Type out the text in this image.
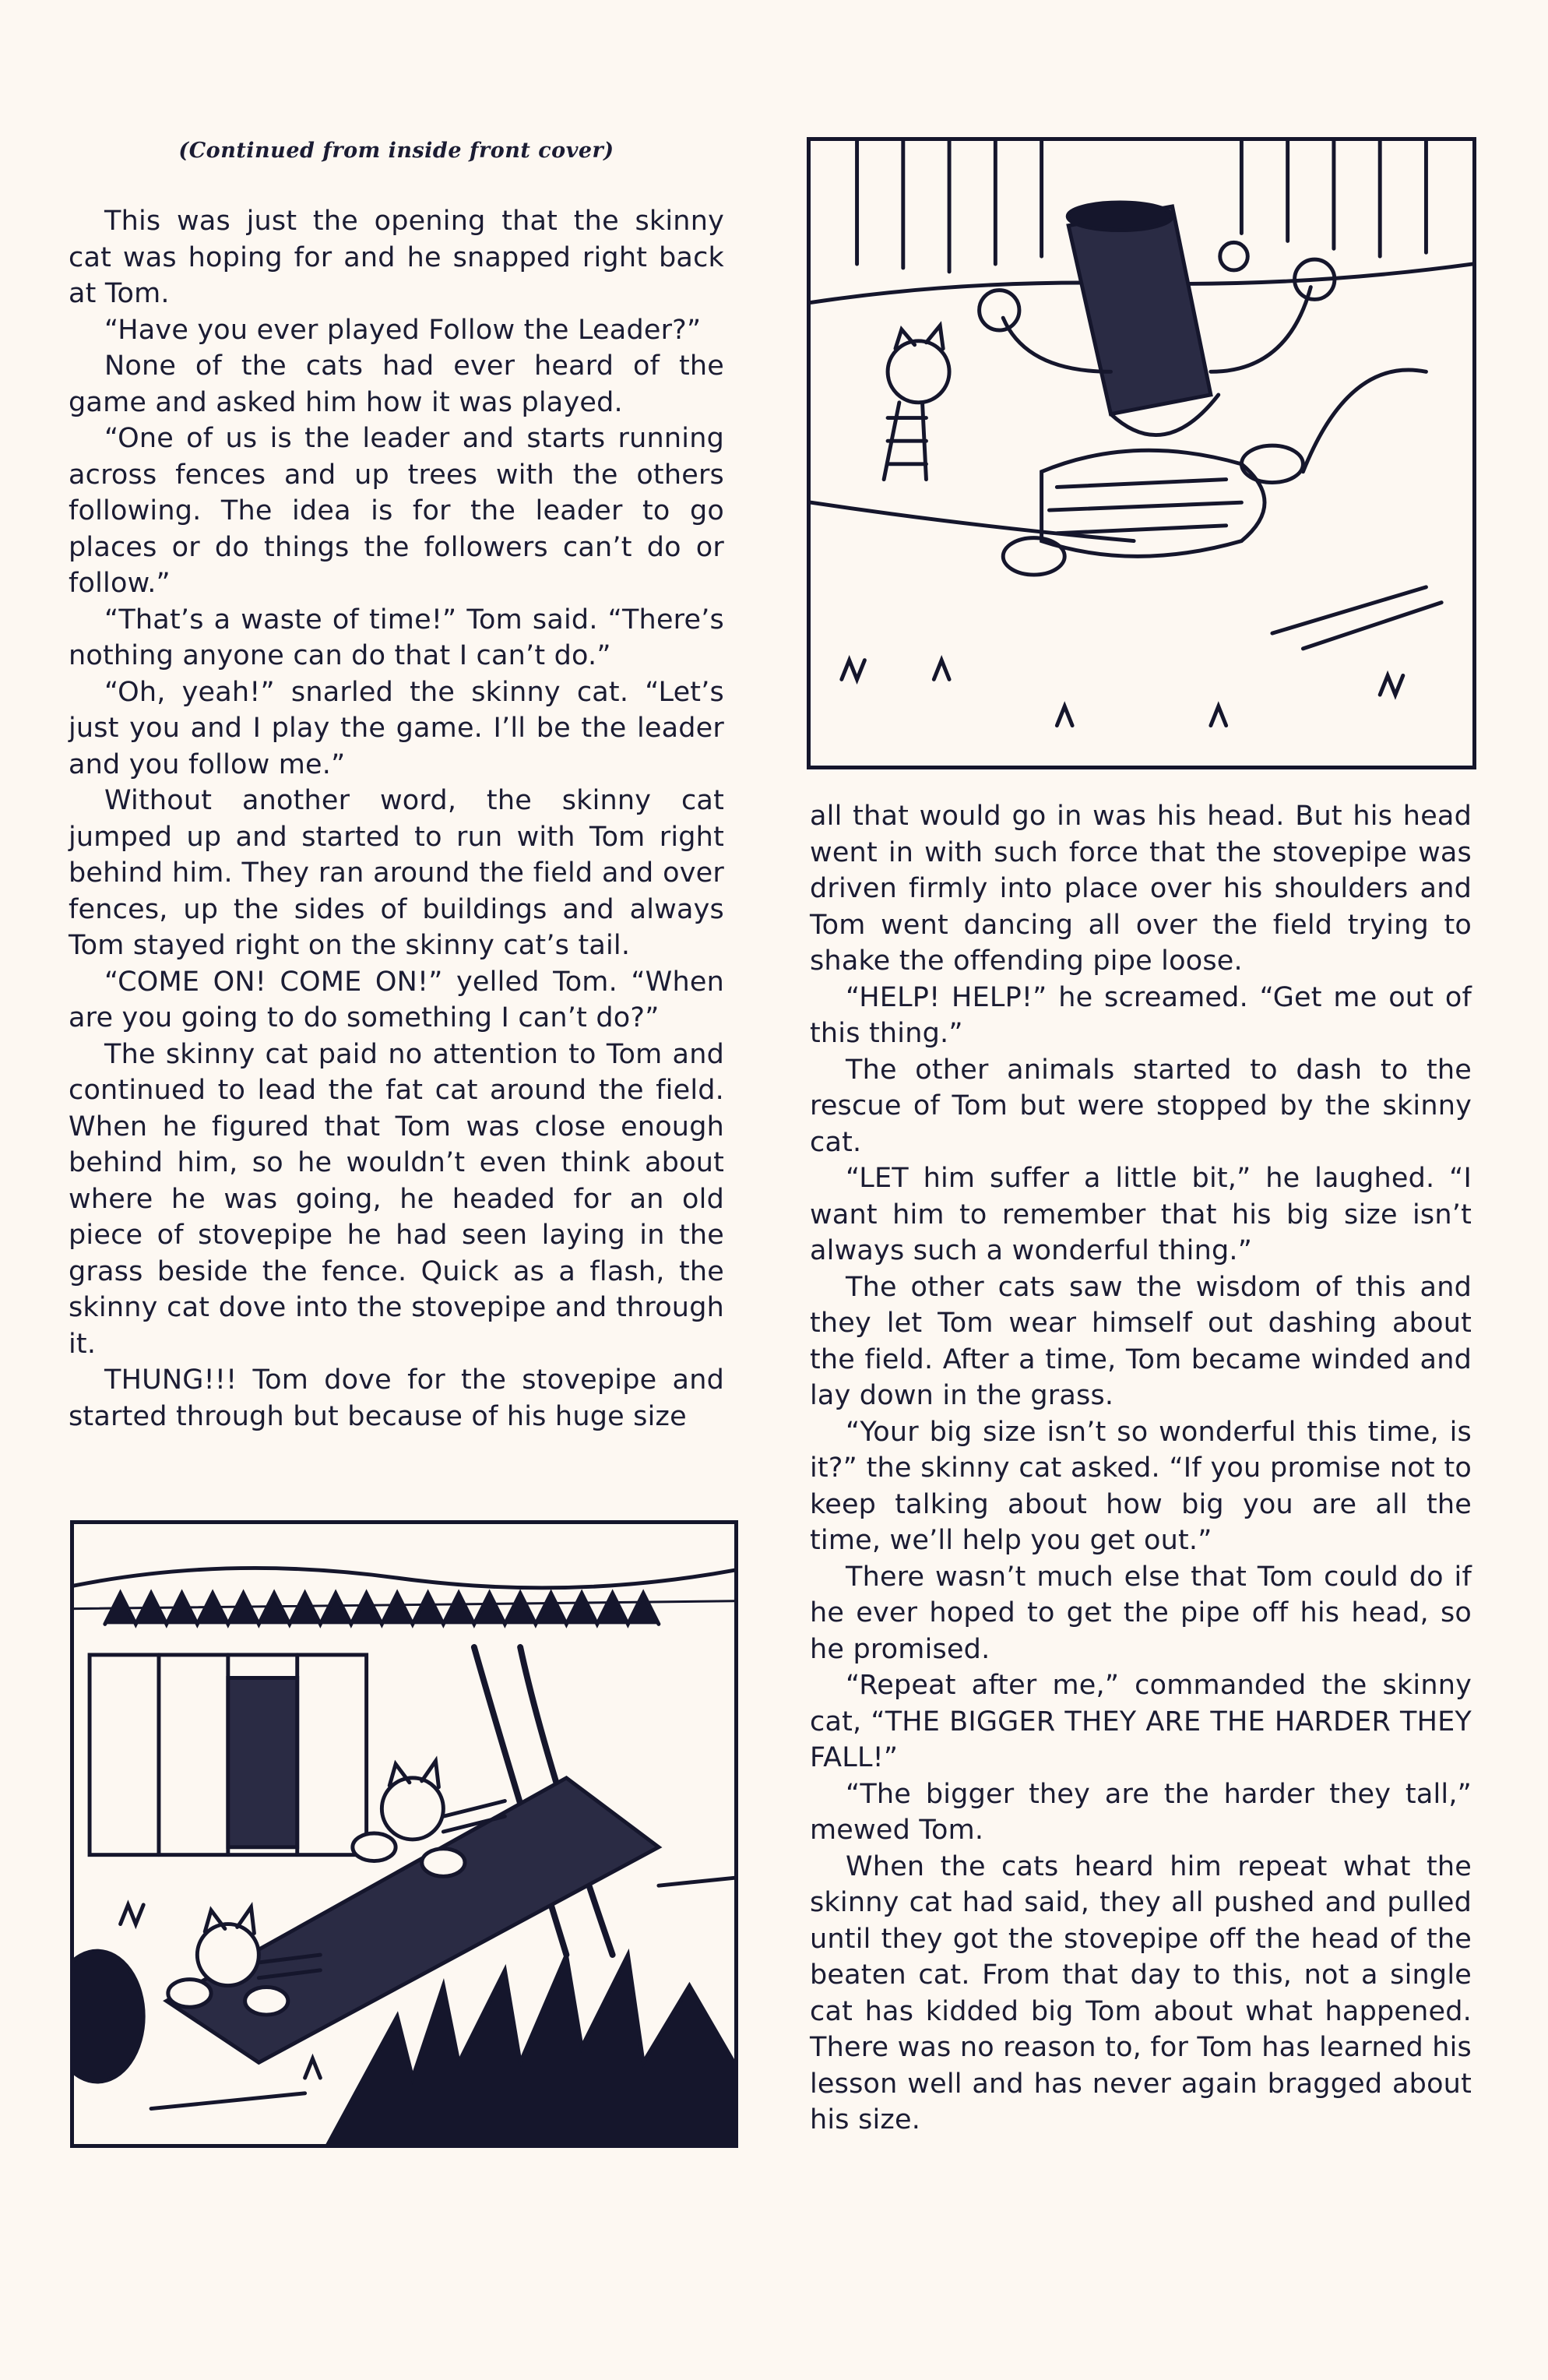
(Continued from inside front cover)

This was just the opening that the skinny cat was hoping for and he snapped right back at Tom.

“Have you ever played Follow the Leader?”

None of the cats had ever heard of the game and asked him how it was played.

“One of us is the leader and starts running across fences and up trees with the others following. The idea is for the leader to go places or do things the followers can’t do or follow.”

“That’s a waste of time!” Tom said. “There’s nothing anyone can do that I can’t do.”

“Oh, yeah!” snarled the skinny cat. “Let’s just you and I play the game. I’ll be the leader and you follow me.”

Without another word, the skinny cat jumped up and started to run with Tom right behind him. They ran around the field and over fences, up the sides of buildings and always Tom stayed right on the skinny cat’s tail.

“COME ON! COME ON!” yelled Tom. “When are you going to do something I can’t do?”

The skinny cat paid no attention to Tom and continued to lead the fat cat around the field. When he figured that Tom was close enough behind him, so he wouldn’t even think about where he was going, he headed for an old piece of stovepipe he had seen laying in the grass beside the fence. Quick as a flash, the skinny cat dove into the stovepipe and through it.

THUNG!!! Tom dove for the stovepipe and started through but because of his huge size

all that would go in was his head. But his head went in with such force that the stovepipe was driven firmly into place over his shoulders and Tom went dancing all over the field trying to shake the offending pipe loose.

“HELP! HELP!” he screamed. “Get me out of this thing.”

The other animals started to dash to the rescue of Tom but were stopped by the skinny cat.

“LET him suffer a little bit,” he laughed. “I want him to remember that his big size isn’t always such a wonderful thing.”

The other cats saw the wisdom of this and they let Tom wear himself out dashing about the field. After a time, Tom became winded and lay down in the grass.

“Your big size isn’t so wonderful this time, is it?” the skinny cat asked. “If you promise not to keep talking about how big you are all the time, we’ll help you get out.”

There wasn’t much else that Tom could do if he ever hoped to get the pipe off his head, so he promised.

“Repeat after me,” commanded the skinny cat, “THE BIGGER THEY ARE THE HARDER THEY FALL!”

“The bigger they are the harder they tall,” mewed Tom.

When the cats heard him repeat what the skinny cat had said, they all pushed and pulled until they got the stovepipe off the head of the beaten cat. From that day to this, not a single cat has kidded big Tom about what happened. There was no reason to, for Tom has learned his lesson well and has never again bragged about his size.
